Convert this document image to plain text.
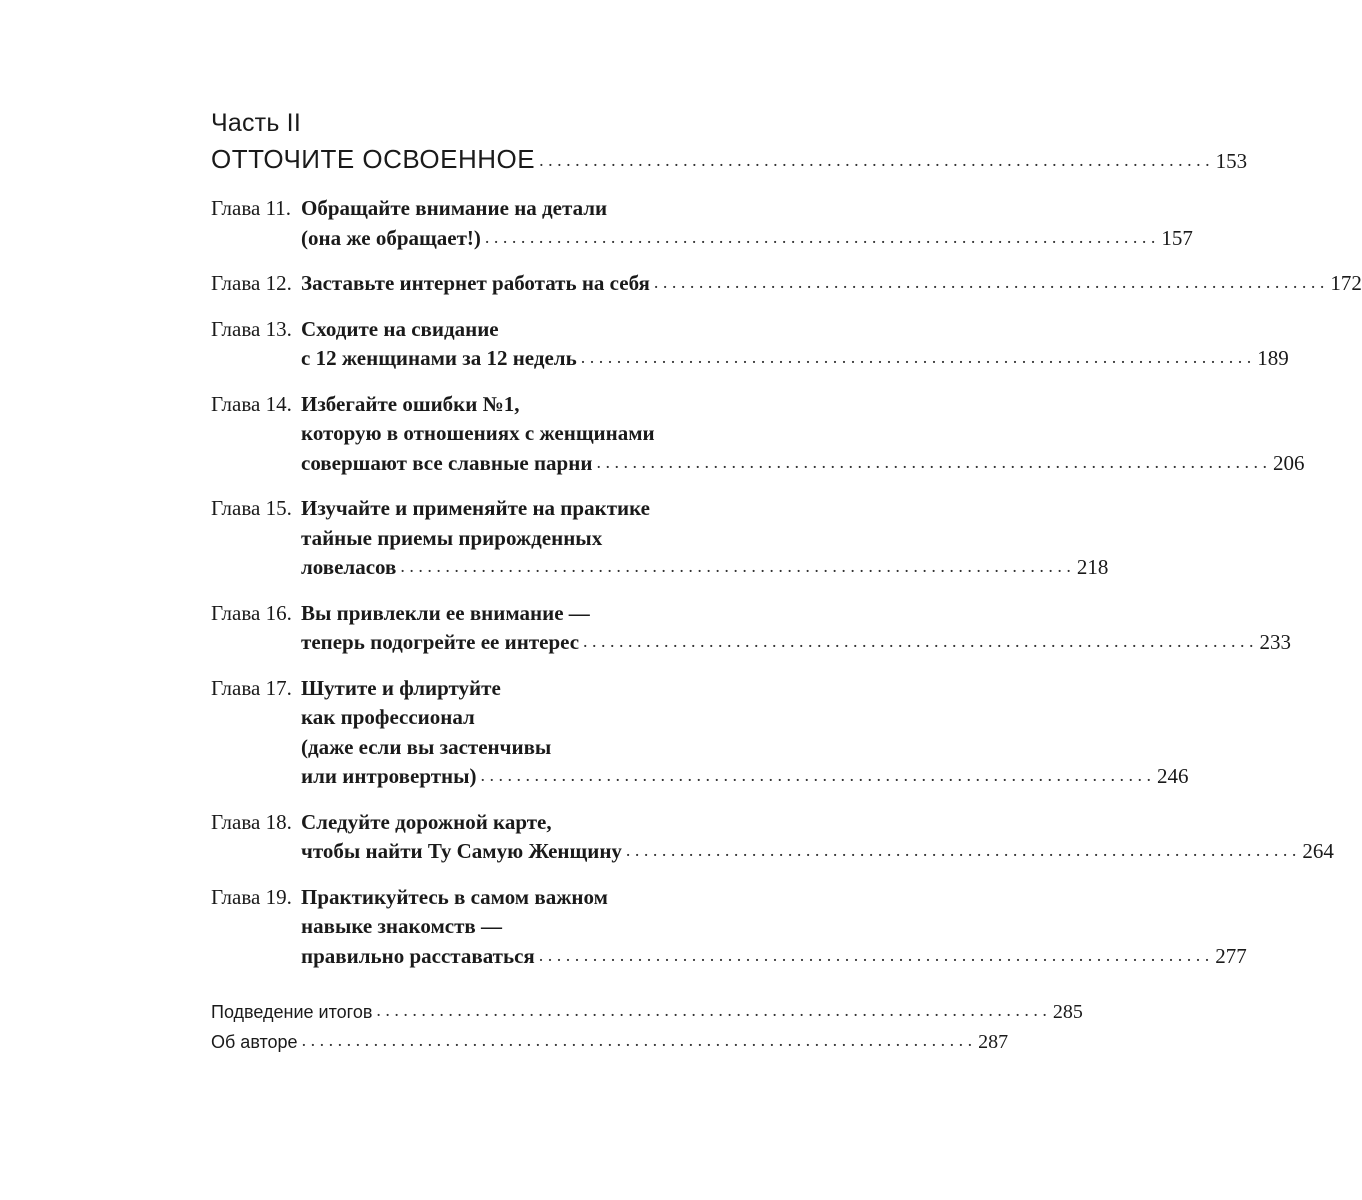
Часть II

ОТТОЧИТЕ ОСВОЕННОЕ . . .	153
Глава 11. Обращайте внимание на детали
(она же обращает!) . . .	157
Глава 12. Заставьте интернет работать на себя . . .	172
Глава 13. Сходите на свидание
с 12 женщинами за 12 недель . . .	189
Глава 14. Избегайте ошибки №1,
которую в отношениях с женщинами
совершают все славные парни . . .	206
Глава 15. Изучайте и применяйте на практике
тайные приемы прирожденных
ловеласов . . .	218
Глава 16. Вы привлекли ее внимание —
теперь подогрейте ее интерес . . .	233
Глава 17. Шутите и флиртуйте
как профессионал
(даже если вы застенчивы
или интровертны) . . .	246
Глава 18. Следуйте дорожной карте,
чтобы найти Ту Самую Женщину . . .	264
Глава 19. Практикуйтесь в самом важном
навыке знакомств —
правильно расставаться . . .	277
Подведение итогов . . .	285
Об авторе . . .	287
